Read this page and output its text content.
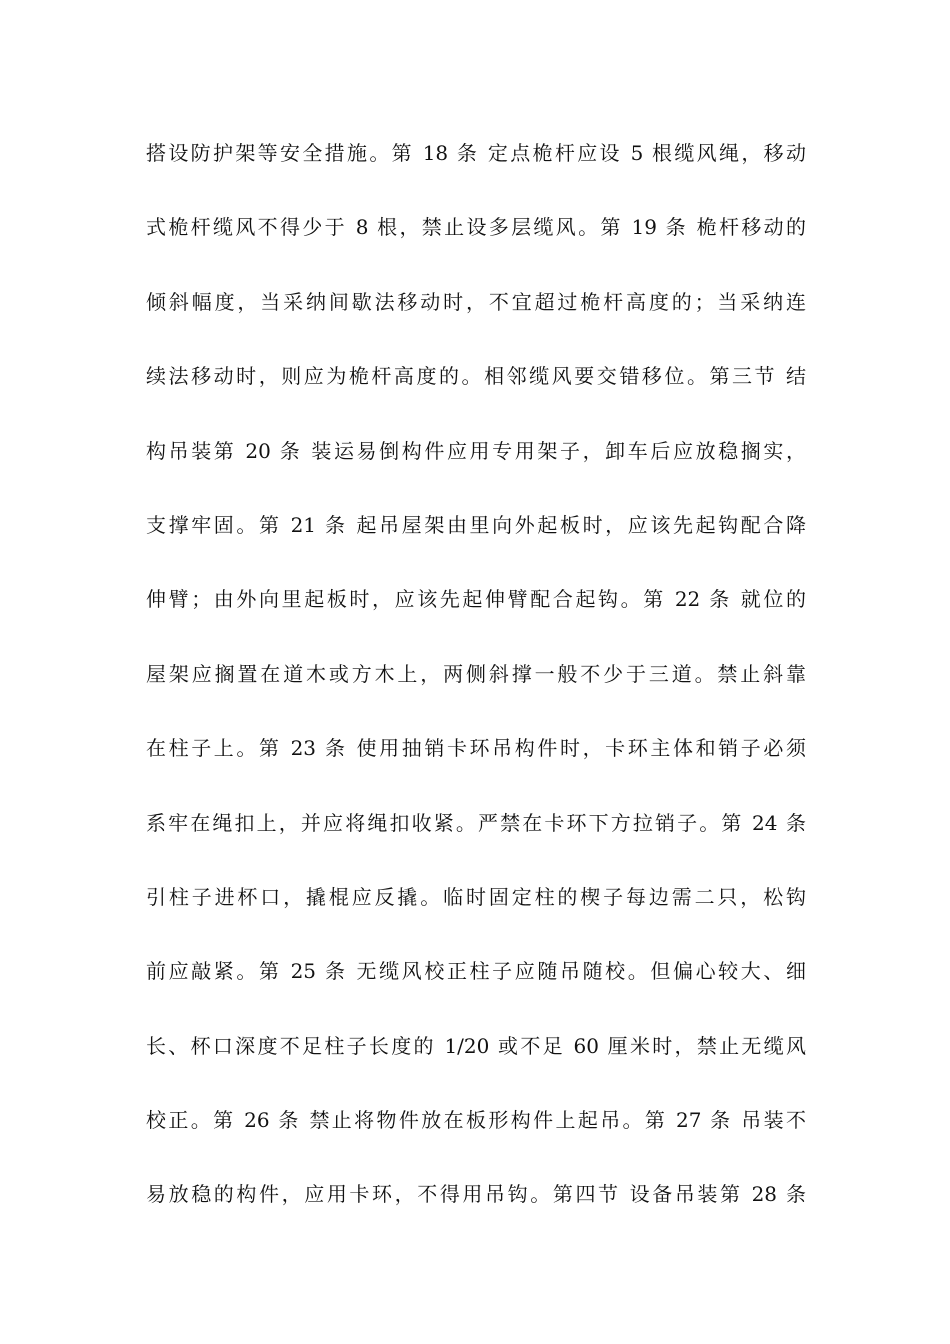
搭设防护架等安全措施。第 18 条 定点桅杆应设 5 根缆风绳，移动
式桅杆缆风不得少于 8 根，禁止设多层缆风。第 19 条 桅杆移动的
倾斜幅度，当采纳间歇法移动时，不宜超过桅杆高度的；当采纳连
续法移动时，则应为桅杆高度的。相邻缆风要交错移位。第三节 结
构吊装第 20 条 装运易倒构件应用专用架子，卸车后应放稳搁实，
支撑牢固。第 21 条 起吊屋架由里向外起板时，应该先起钩配合降
伸臂；由外向里起板时，应该先起伸臂配合起钩。第 22 条 就位的
屋架应搁置在道木或方木上，两侧斜撑一般不少于三道。禁止斜靠
在柱子上。第 23 条 使用抽销卡环吊构件时，卡环主体和销子必须
系牢在绳扣上，并应将绳扣收紧。严禁在卡环下方拉销子。第 24 条
引柱子进杯口，撬棍应反撬。临时固定柱的楔子每边需二只，松钩
前应敲紧。第 25 条 无缆风校正柱子应随吊随校。但偏心较大、细
长、杯口深度不足柱子长度的 1/20 或不足 60 厘米时，禁止无缆风
校正。第 26 条 禁止将物件放在板形构件上起吊。第 27 条 吊装不
易放稳的构件，应用卡环，不得用吊钩。第四节 设备吊装第 28 条
